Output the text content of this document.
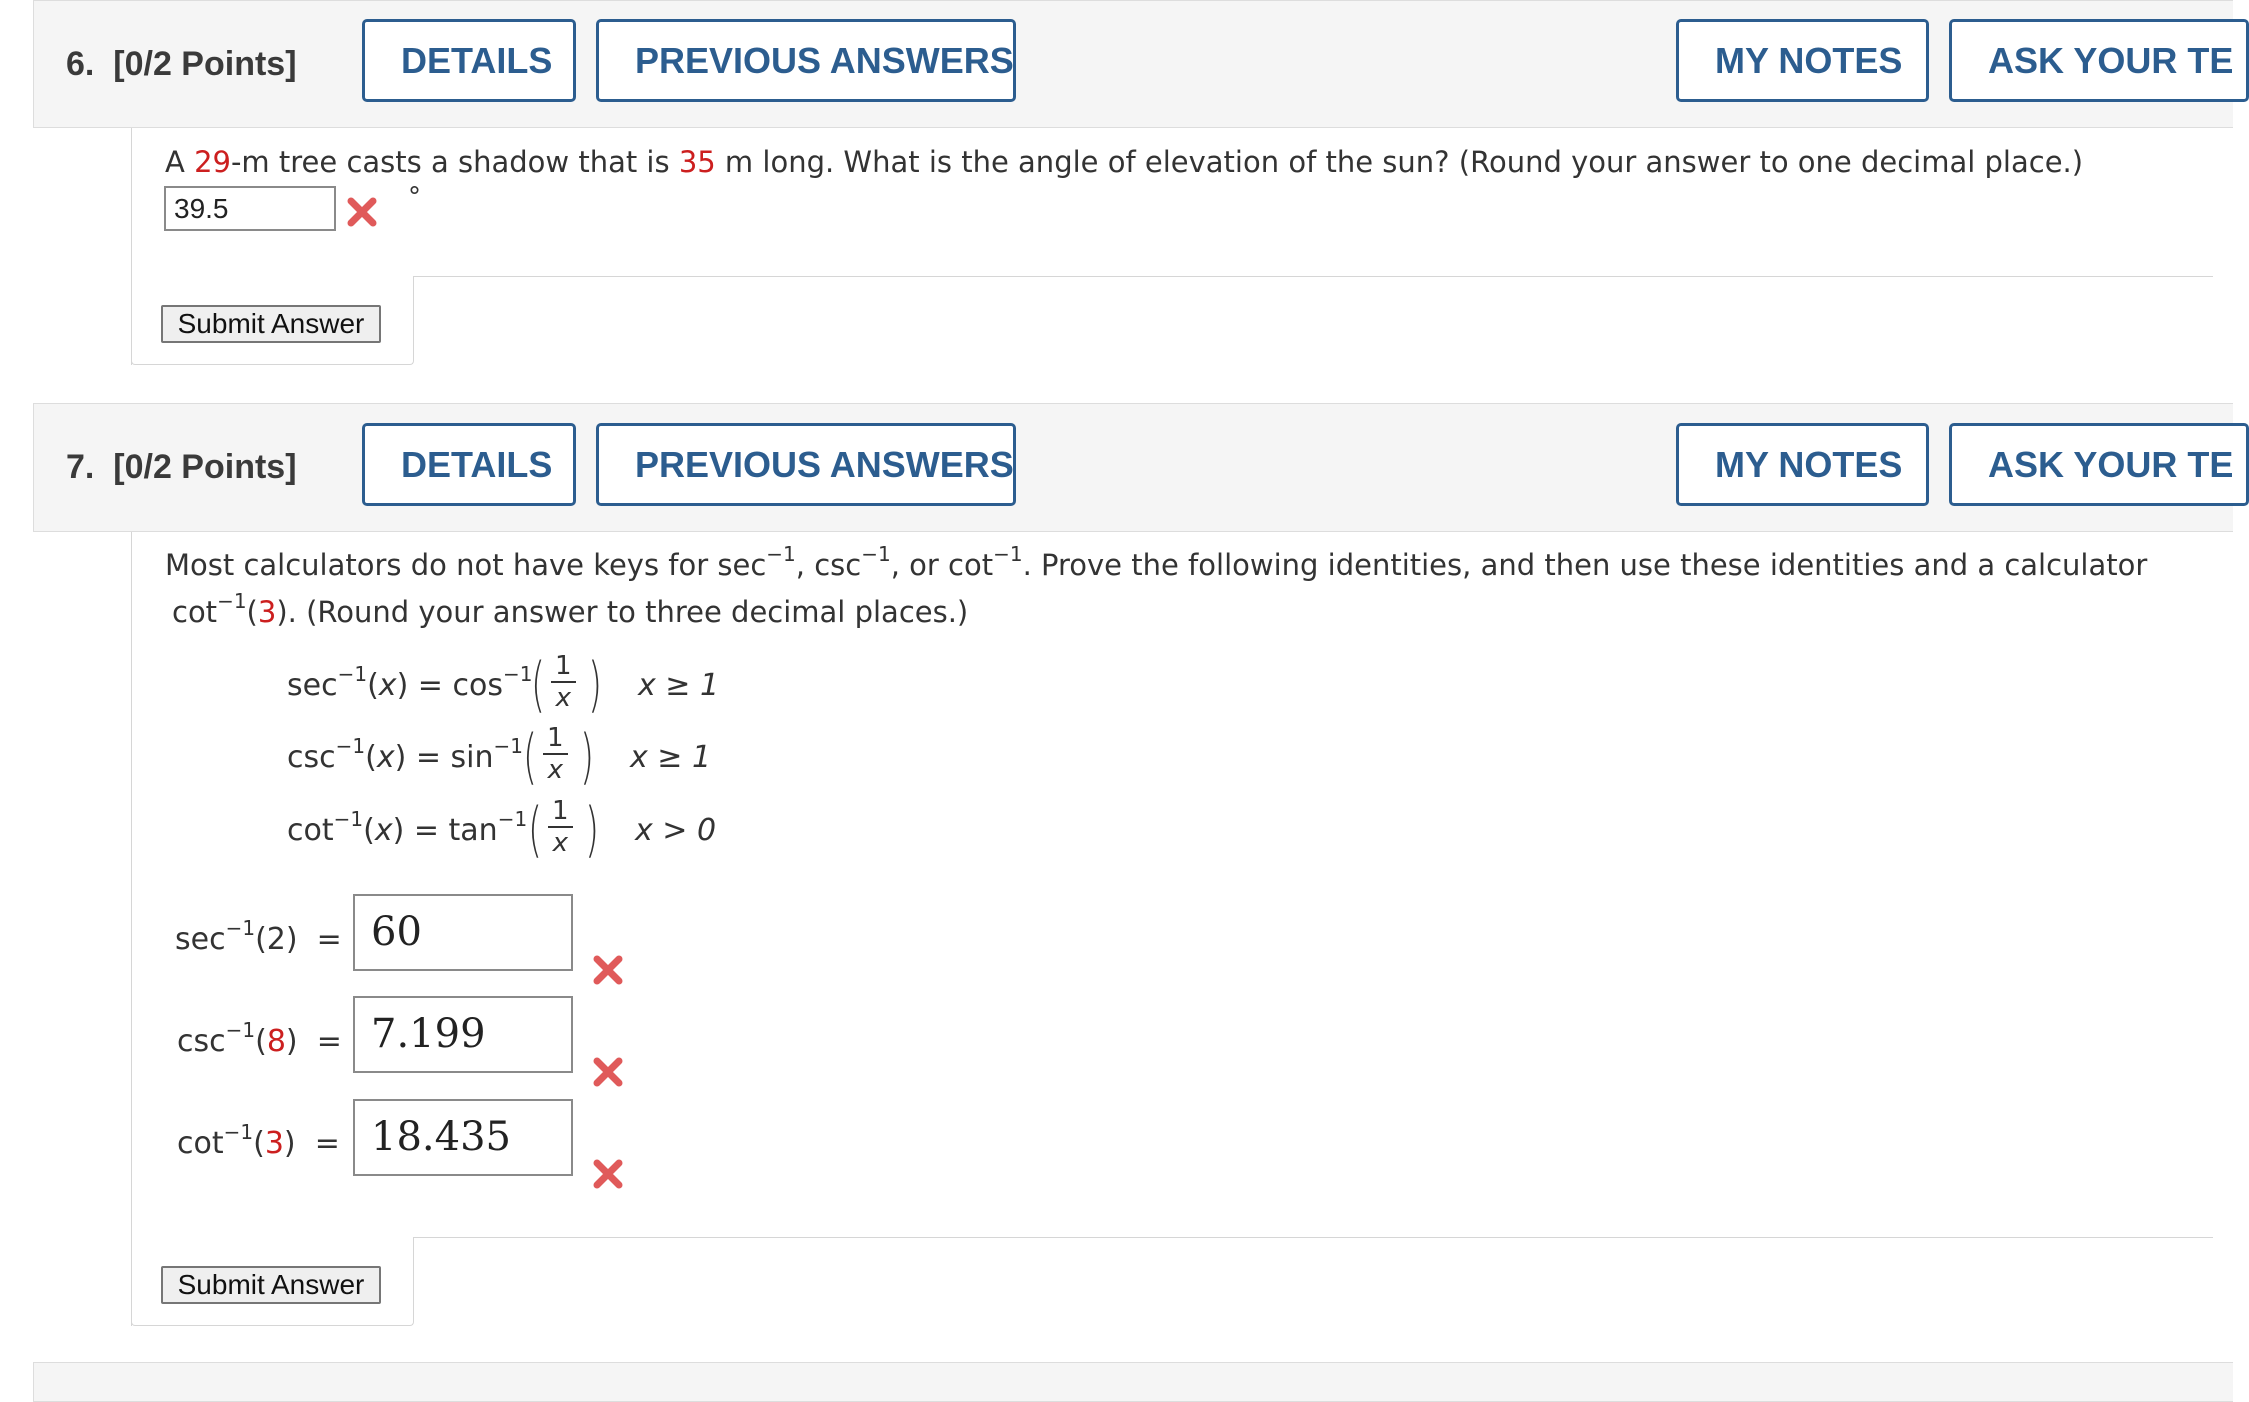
6. [0/2 Points]	DETAILS	PREVIOUS ANSWERS	MY NOTES	ASK YOUR TE
A 29-m tree casts a shadow that is 35 m long. What is the angle of elevation of the sun? (Round your answer to one decimal place.)
39.5	°
Submit Answer
7. [0/2 Points]	DETAILS	PREVIOUS ANSWERS	MY NOTES	ASK YOUR TE
Most calculators do not have keys for $\sec^{-1}$, $\csc^{-1}$, or $\cot^{-1}$. Prove the following identities, and then use these identities and a calculator
$\cot^{-1}(3)$. (Round your answer to three decimal places.)
$\sec^{-1}(x) = \cos^{-1}$
( $\frac{1}{x}$ ) x ≥ 1
$\csc^{-1}(x) = \sin^{-1}$ ( $\frac{1}{x}$ ) x ≥ 1
$\cot^{-1}(x) = \tan^{-1}$ ( $\frac{1}{x}$ ) x > 0
$\sec^{-1}(2) = 60$
$\csc^{-1}(8) = 7.199$
$\cot^{-1}(3) = 18.435$
Submit Answer
